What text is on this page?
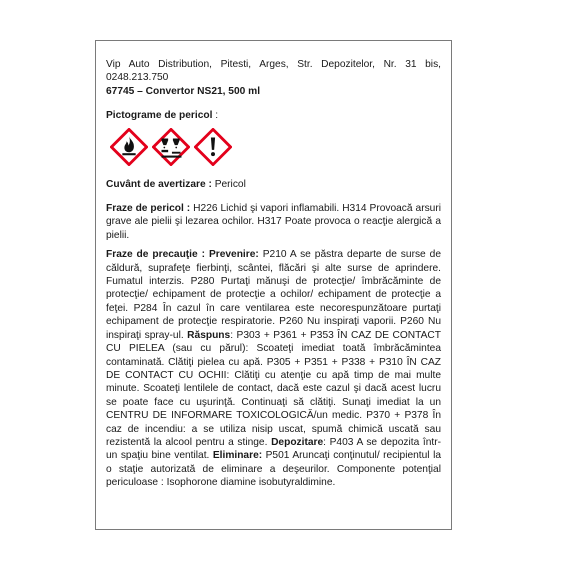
Vip Auto Distribution, Pitesti, Arges, Str. Depozitelor, Nr. 31 bis, 0248.213.750

67745 – Convertor NS21, 500 ml

Pictograme de pericol :

Cuvânt de avertizare : Pericol

Fraze de pericol : H226 Lichid şi vapori inflamabili. H314 Provoacă arsuri grave ale pielii şi lezarea ochilor. H317 Poate provoca o reacţie alergică a pielii.

Fraze de precauţie : Prevenire: P210 A se păstra departe de surse de căldură, suprafeţe fierbinţi, scântei, flăcări şi alte surse de aprindere. Fumatul interzis. P280 Purtaţi mănuşi de protecţie/ îmbrăcăminte de protecţie/ echipament de protecţie a ochilor/ echipament de protecţie a feţei. P284 În cazul în care ventilarea este necorespunzătoare purtaţi echipament de protecţie respiratorie. P260 Nu inspiraţi vaporii. P260 Nu inspiraţi spray-ul. Răspuns: P303 + P361 + P353 ÎN CAZ DE CONTACT CU PIELEA (sau cu părul): Scoateţi imediat toată îmbrăcămintea contaminată. Clătiţi pielea cu apă. P305 + P351 + P338 + P310 ÎN CAZ DE CONTACT CU OCHII: Clătiţi cu atenţie cu apă timp de mai multe minute. Scoateţi lentilele de contact, dacă este cazul şi dacă acest lucru se poate face cu uşurinţă. Continuaţi să clătiţi. Sunaţi imediat la un CENTRU DE INFORMARE TOXICOLOGICĂ/un medic. P370 + P378 În caz de incendiu: a se utiliza nisip uscat, spumă chimică uscată sau rezistentă la alcool pentru a stinge. Depozitare: P403 A se depozita într-un spaţiu bine ventilat. Eliminare: P501 Aruncaţi conţinutul/ recipientul la o staţie autorizată de eliminare a deşeurilor. Componente potenţial periculoase : Isophorone diamine isobutyraldimine.
